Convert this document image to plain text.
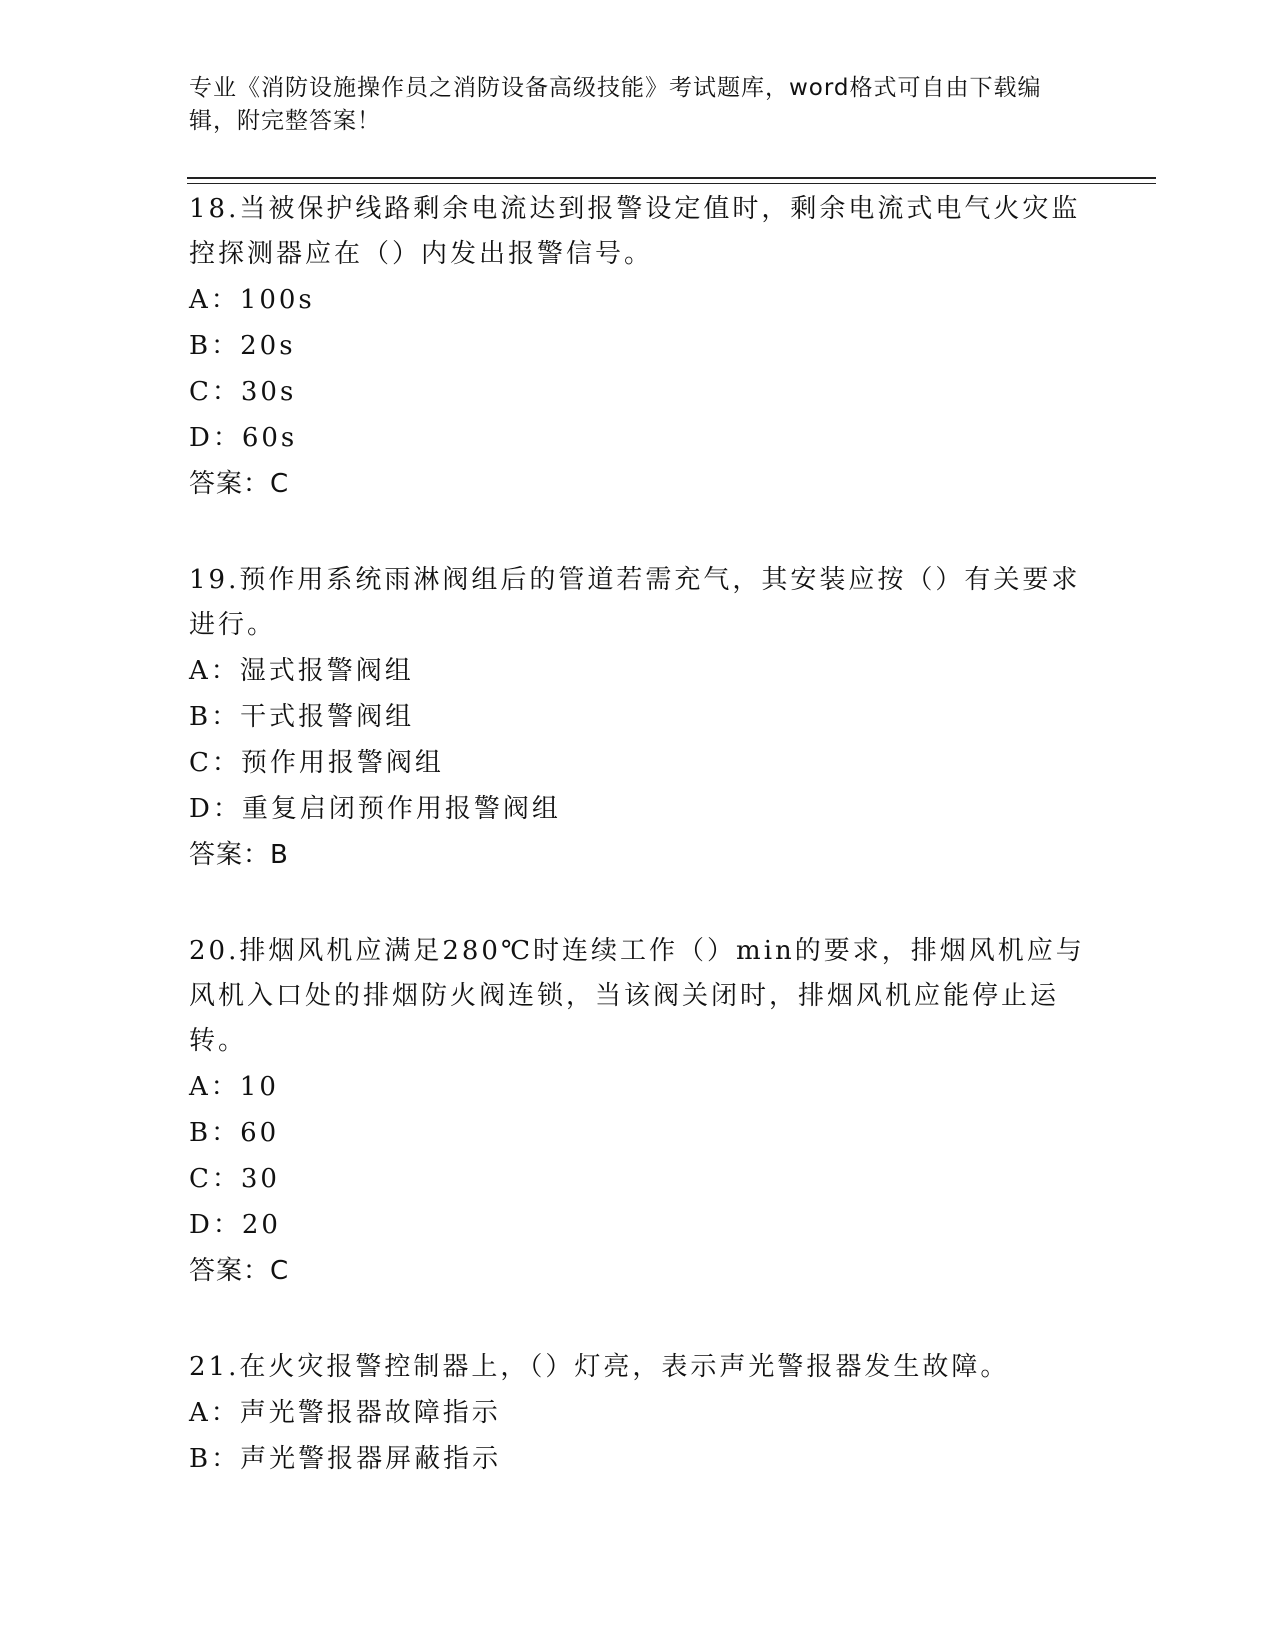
专业《消防设施操作员之消防设备高级技能》考试题库，word格式可自由下载编辑，附完整答案！

18.当被保护线路剩余电流达到报警设定值时，剩余电流式电气火灾监控探测器应在（）内发出报警信号。

A：100s

B：20s

C：30s

D：60s

答案：C

19.预作用系统雨淋阀组后的管道若需充气，其安装应按（）有关要求进行。

A：湿式报警阀组

B：干式报警阀组

C：预作用报警阀组

D：重复启闭预作用报警阀组

答案：B

20.排烟风机应满足280℃时连续工作（）min的要求，排烟风机应与风机入口处的排烟防火阀连锁，当该阀关闭时，排烟风机应能停止运转。

A：10

B：60

C：30

D：20

答案：C

21.在火灾报警控制器上，（）灯亮，表示声光警报器发生故障。

A：声光警报器故障指示

B：声光警报器屏蔽指示
